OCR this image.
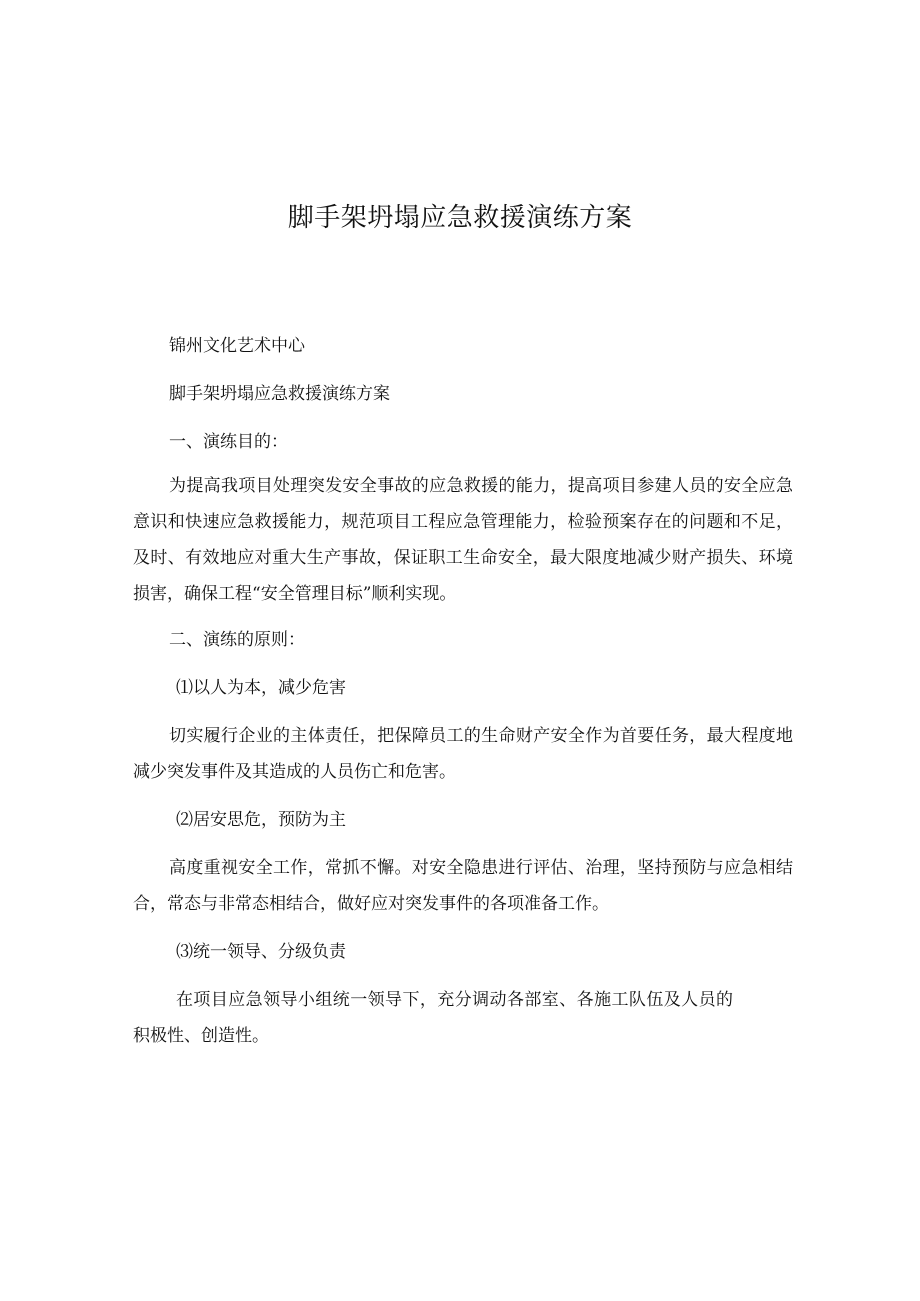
脚手架坍塌应急救援演练方案
锦州文化艺术中心
脚手架坍塌应急救援演练方案
一、演练目的：
为提高我项目处理突发安全事故的应急救援的能力，提高项目参建人员的安全应急意识和快速应急救援能力，规范项目工程应急管理能力，检验预案存在的问题和不足，及时、有效地应对重大生产事故，保证职工生命安全，最大限度地减少财产损失、环境损害，确保工程“安全管理目标”顺利实现。
二、演练的原则：
⑴以人为本，减少危害
切实履行企业的主体责任，把保障员工的生命财产安全作为首要任务，最大程度地减少突发事件及其造成的人员伤亡和危害。
⑵居安思危，预防为主
高度重视安全工作，常抓不懈。对安全隐患进行评估、治理，坚持预防与应急相结合，常态与非常态相结合，做好应对突发事件的各项准备工作。
⑶统一领导、分级负责
在项目应急领导小组统一领导下，充分调动各部室、各施工队伍及人员的积极性、创造性。
